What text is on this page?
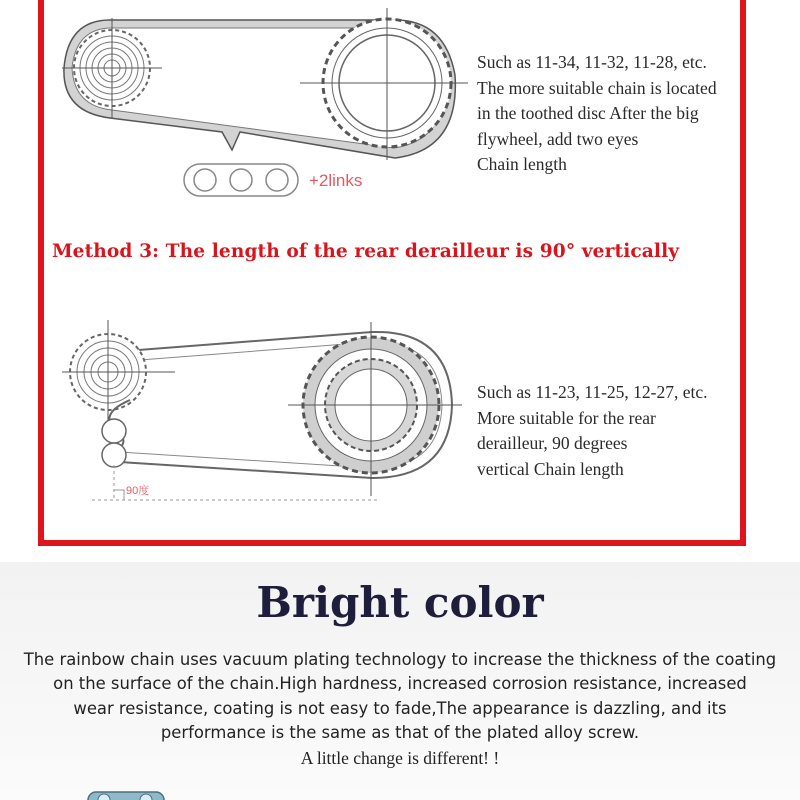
Such as 11-34, 11-32, 11-28, etc.
The more suitable chain is located
in the toothed disc After the big
flywheel, add two eyes
Chain length

+2links

Method 3: The length of the rear derailleur is 90° vertically

Such as 11-23, 11-25, 12-27, etc.
More suitable for the rear
derailleur, 90 degrees
vertical Chain length

90度

Bright color
The rainbow chain uses vacuum plating technology to increase the thickness of the coating
on the surface of the chain.High hardness, increased corrosion resistance, increased
wear resistance, coating is not easy to fade,The appearance is dazzling, and its
performance is the same as that of the plated alloy screw.
A little change is different! !
